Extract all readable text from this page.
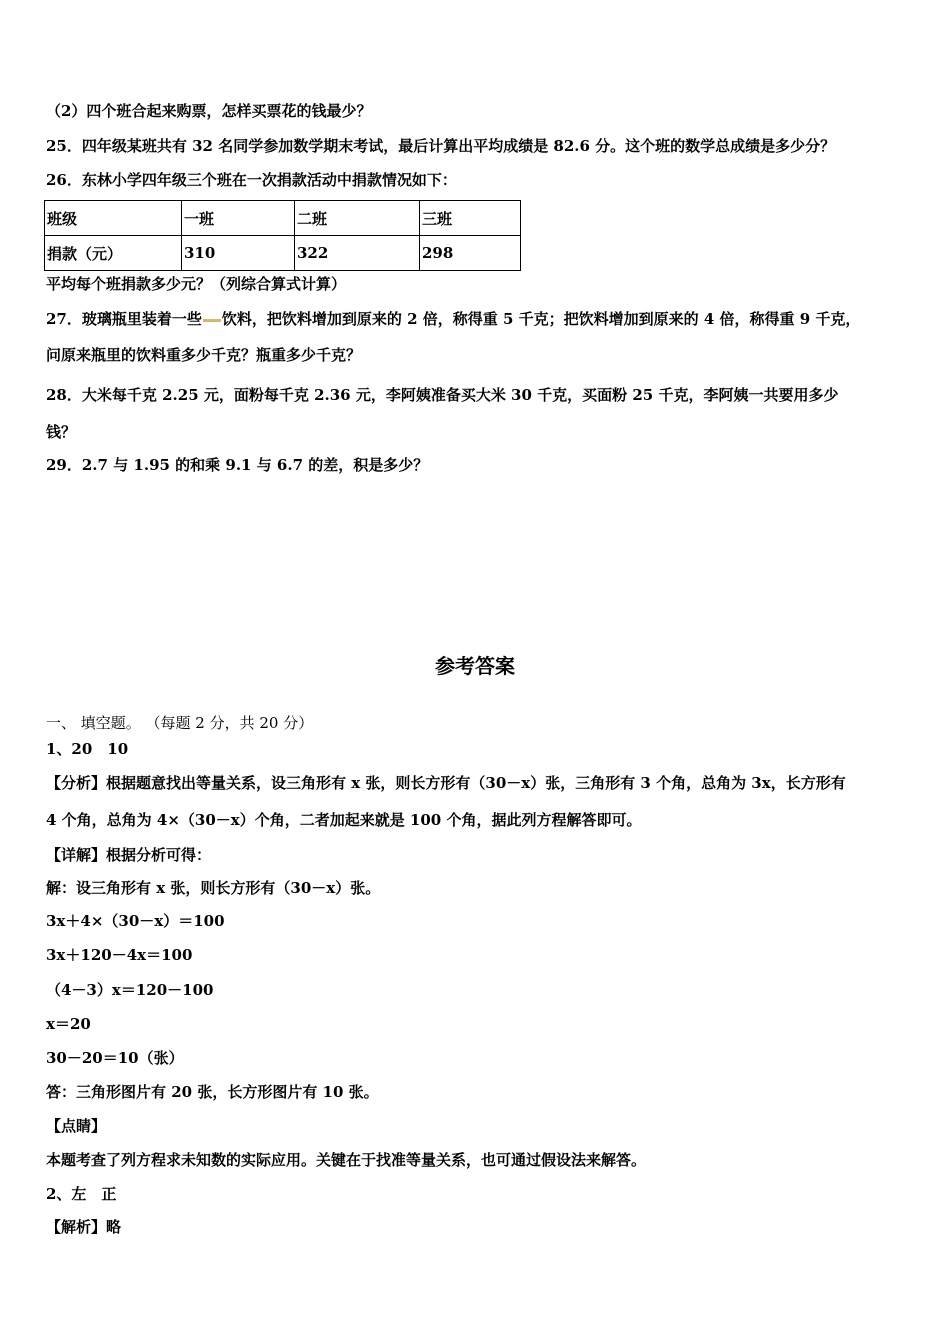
（2）四个班合起来购票，怎样买票花的钱最少？
25．四年级某班共有 32 名同学参加数学期末考试，最后计算出平均成绩是 82.6 分。这个班的数学总成绩是多少分？
26．东林小学四年级三个班在一次捐款活动中捐款情况如下：
班级	一班	二班	三班
捐款（元）	310	322	298
平均每个班捐款多少元？（列综合算式计算）
27．玻璃瓶里装着一些 饮料，把饮料增加到原来的 2 倍，称得重 5 千克；把饮料增加到原来的 4 倍，称得重 9 千克，
问原来瓶里的饮料重多少千克？瓶重多少千克？
28．大米每千克 2.25 元，面粉每千克 2.36 元，李阿姨准备买大米 30 千克，买面粉 25 千克，李阿姨一共要用多少
钱？
29．2.7 与 1.95 的和乘 9.1 与 6.7 的差，积是多少？
参考答案
一、 填空题。 （每题 2 分，共 20 分）
1、20　10
【分析】根据题意找出等量关系，设三角形有 x 张，则长方形有（30－x）张，三角形有 3 个角，总角为 3x，长方形有
4 个角，总角为 4×（30－x）个角，二者加起来就是 100 个角，据此列方程解答即可。
【详解】根据分析可得：
解：设三角形有 x 张，则长方形有（30－x）张。
3x＋4×（30－x）＝100
3x＋120－4x＝100
（4－3）x＝120－100
x＝20
30－20＝10（张）
答：三角形图片有 20 张，长方形图片有 10 张。
【点睛】
本题考查了列方程求未知数的实际应用。关键在于找准等量关系，也可通过假设法来解答。
2、左　正
【解析】略
